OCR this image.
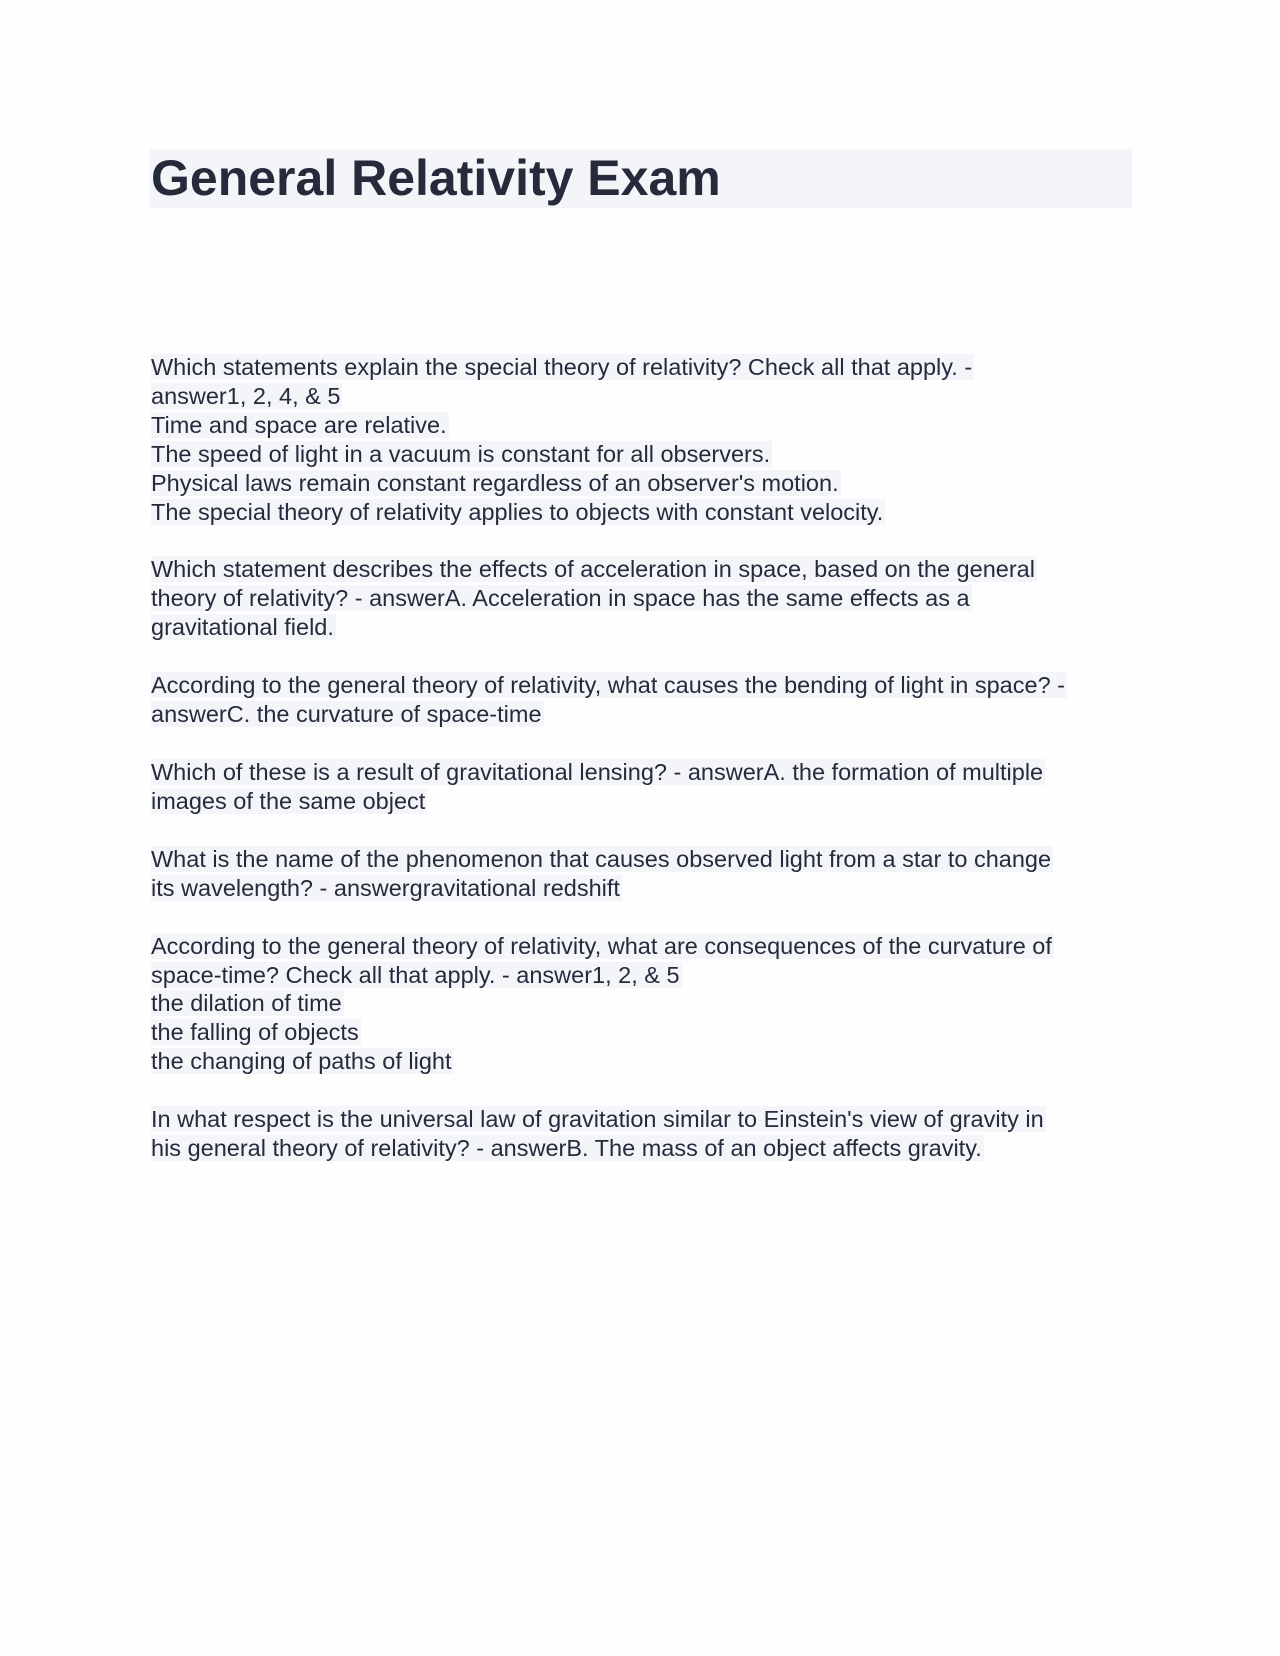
General Relativity Exam
Which statements explain the special theory of relativity? Check all that apply. -
answer1, 2, 4, & 5
Time and space are relative.
The speed of light in a vacuum is constant for all observers.
Physical laws remain constant regardless of an observer's motion.
The special theory of relativity applies to objects with constant velocity.
Which statement describes the effects of acceleration in space, based on the general
theory of relativity? - answerA. Acceleration in space has the same effects as a
gravitational field.
According to the general theory of relativity, what causes the bending of light in space? -
answerC. the curvature of space-time
Which of these is a result of gravitational lensing? - answerA. the formation of multiple
images of the same object
What is the name of the phenomenon that causes observed light from a star to change
its wavelength? - answergravitational redshift
According to the general theory of relativity, what are consequences of the curvature of
space-time? Check all that apply. - answer1, 2, & 5
the dilation of time
the falling of objects
the changing of paths of light
In what respect is the universal law of gravitation similar to Einstein's view of gravity in
his general theory of relativity? - answerB. The mass of an object affects gravity.
